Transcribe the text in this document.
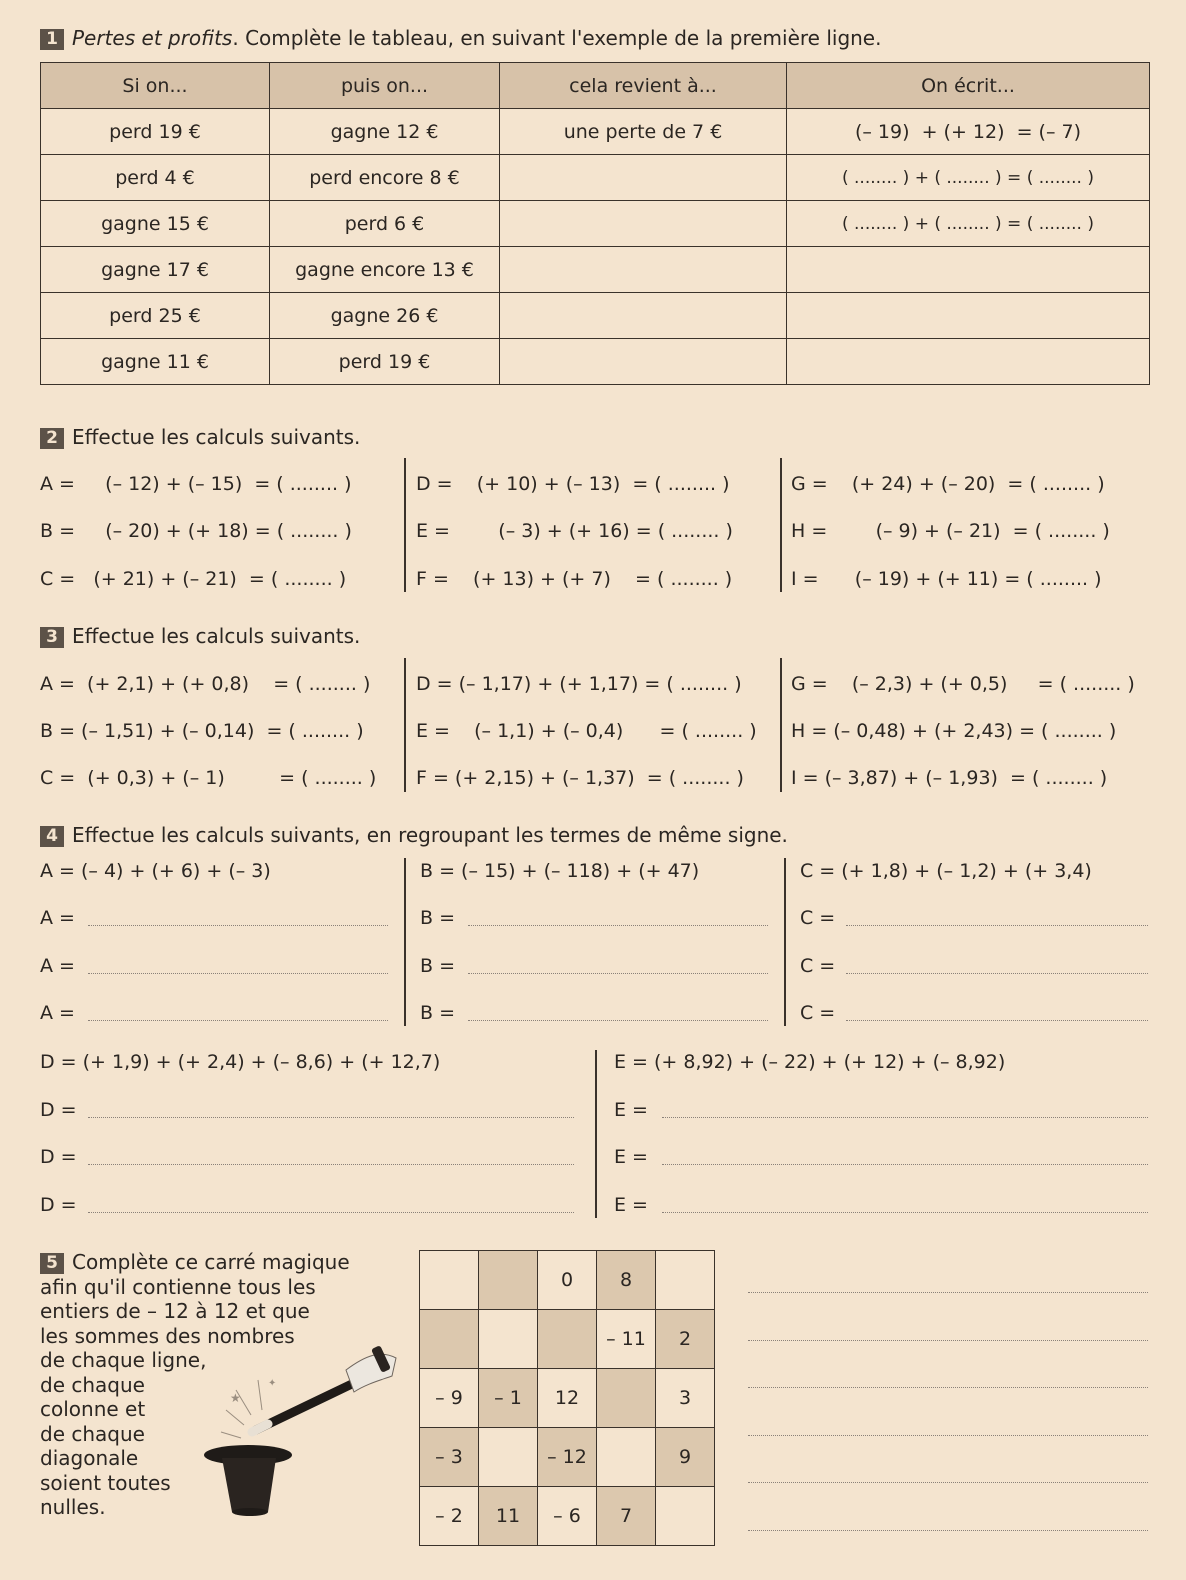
1 Pertes et profits. Complète le tableau, en suivant l'exemple de la première ligne.
Si on...	puis on...	cela revient à...	On écrit...
perd 19 €	gagne 12 €	une perte de 7 €	(– 19)  + (+ 12)  = (– 7)
perd 4 €	perd encore 8 €		( ........ ) + ( ........ ) = ( ........ )
gagne 15 €	perd 6 €		( ........ ) + ( ........ ) = ( ........ )
gagne 17 €	gagne encore 13 €		
perd 25 €	gagne 26 €		
gagne 11 €	perd 19 €		
2 Effectue les calculs suivants.
A =     (– 12) + (– 15)  = ( ........ )
B =     (– 20) + (+ 18) = ( ........ )
C =   (+ 21) + (– 21)  = ( ........ )
D =    (+ 10) + (– 13)  = ( ........ )
E =        (– 3) + (+ 16) = ( ........ )
F =    (+ 13) + (+ 7)    = ( ........ )
G =    (+ 24) + (– 20)  = ( ........ )
H =        (– 9) + (– 21)  = ( ........ )
I =      (– 19) + (+ 11) = ( ........ )
3 Effectue les calculs suivants.
A =  (+ 2,1) + (+ 0,8)    = ( ........ )
B = (– 1,51) + (– 0,14)  = ( ........ )
C =  (+ 0,3) + (– 1)         = ( ........ )
D = (– 1,17) + (+ 1,17) = ( ........ )
E =    (– 1,1) + (– 0,4)      = ( ........ )
F = (+ 2,15) + (– 1,37)  = ( ........ )
G =    (– 2,3) + (+ 0,5)     = ( ........ )
H = (– 0,48) + (+ 2,43) = ( ........ )
I = (– 3,87) + (– 1,93)  = ( ........ )
4 Effectue les calculs suivants, en regroupant les termes de même signe.
A = (– 4) + (+ 6) + (– 3)	B = (– 15) + (– 118) + (+ 47)	C = (+ 1,8) + (– 1,2) + (+ 3,4)
A =
A =
A =
B =
B =
B =
C =
C =
C =
D = (+ 1,9) + (+ 2,4) + (– 8,6) + (+ 12,7)	E = (+ 8,92) + (– 22) + (+ 12) + (– 8,92)
D =
D =
D =
E =
E =
E =
5 Complète ce carré magique
afin qu'il contienne tous les
entiers de – 12 à 12 et que
les sommes des nombres
de chaque ligne,
de chaque
colonne et
de chaque
diagonale
soient toutes
nulles.
★
✦
		0	8	
			– 11	2
– 9	– 1	12		3
– 3		– 12		9
– 2	11	– 6	7	
